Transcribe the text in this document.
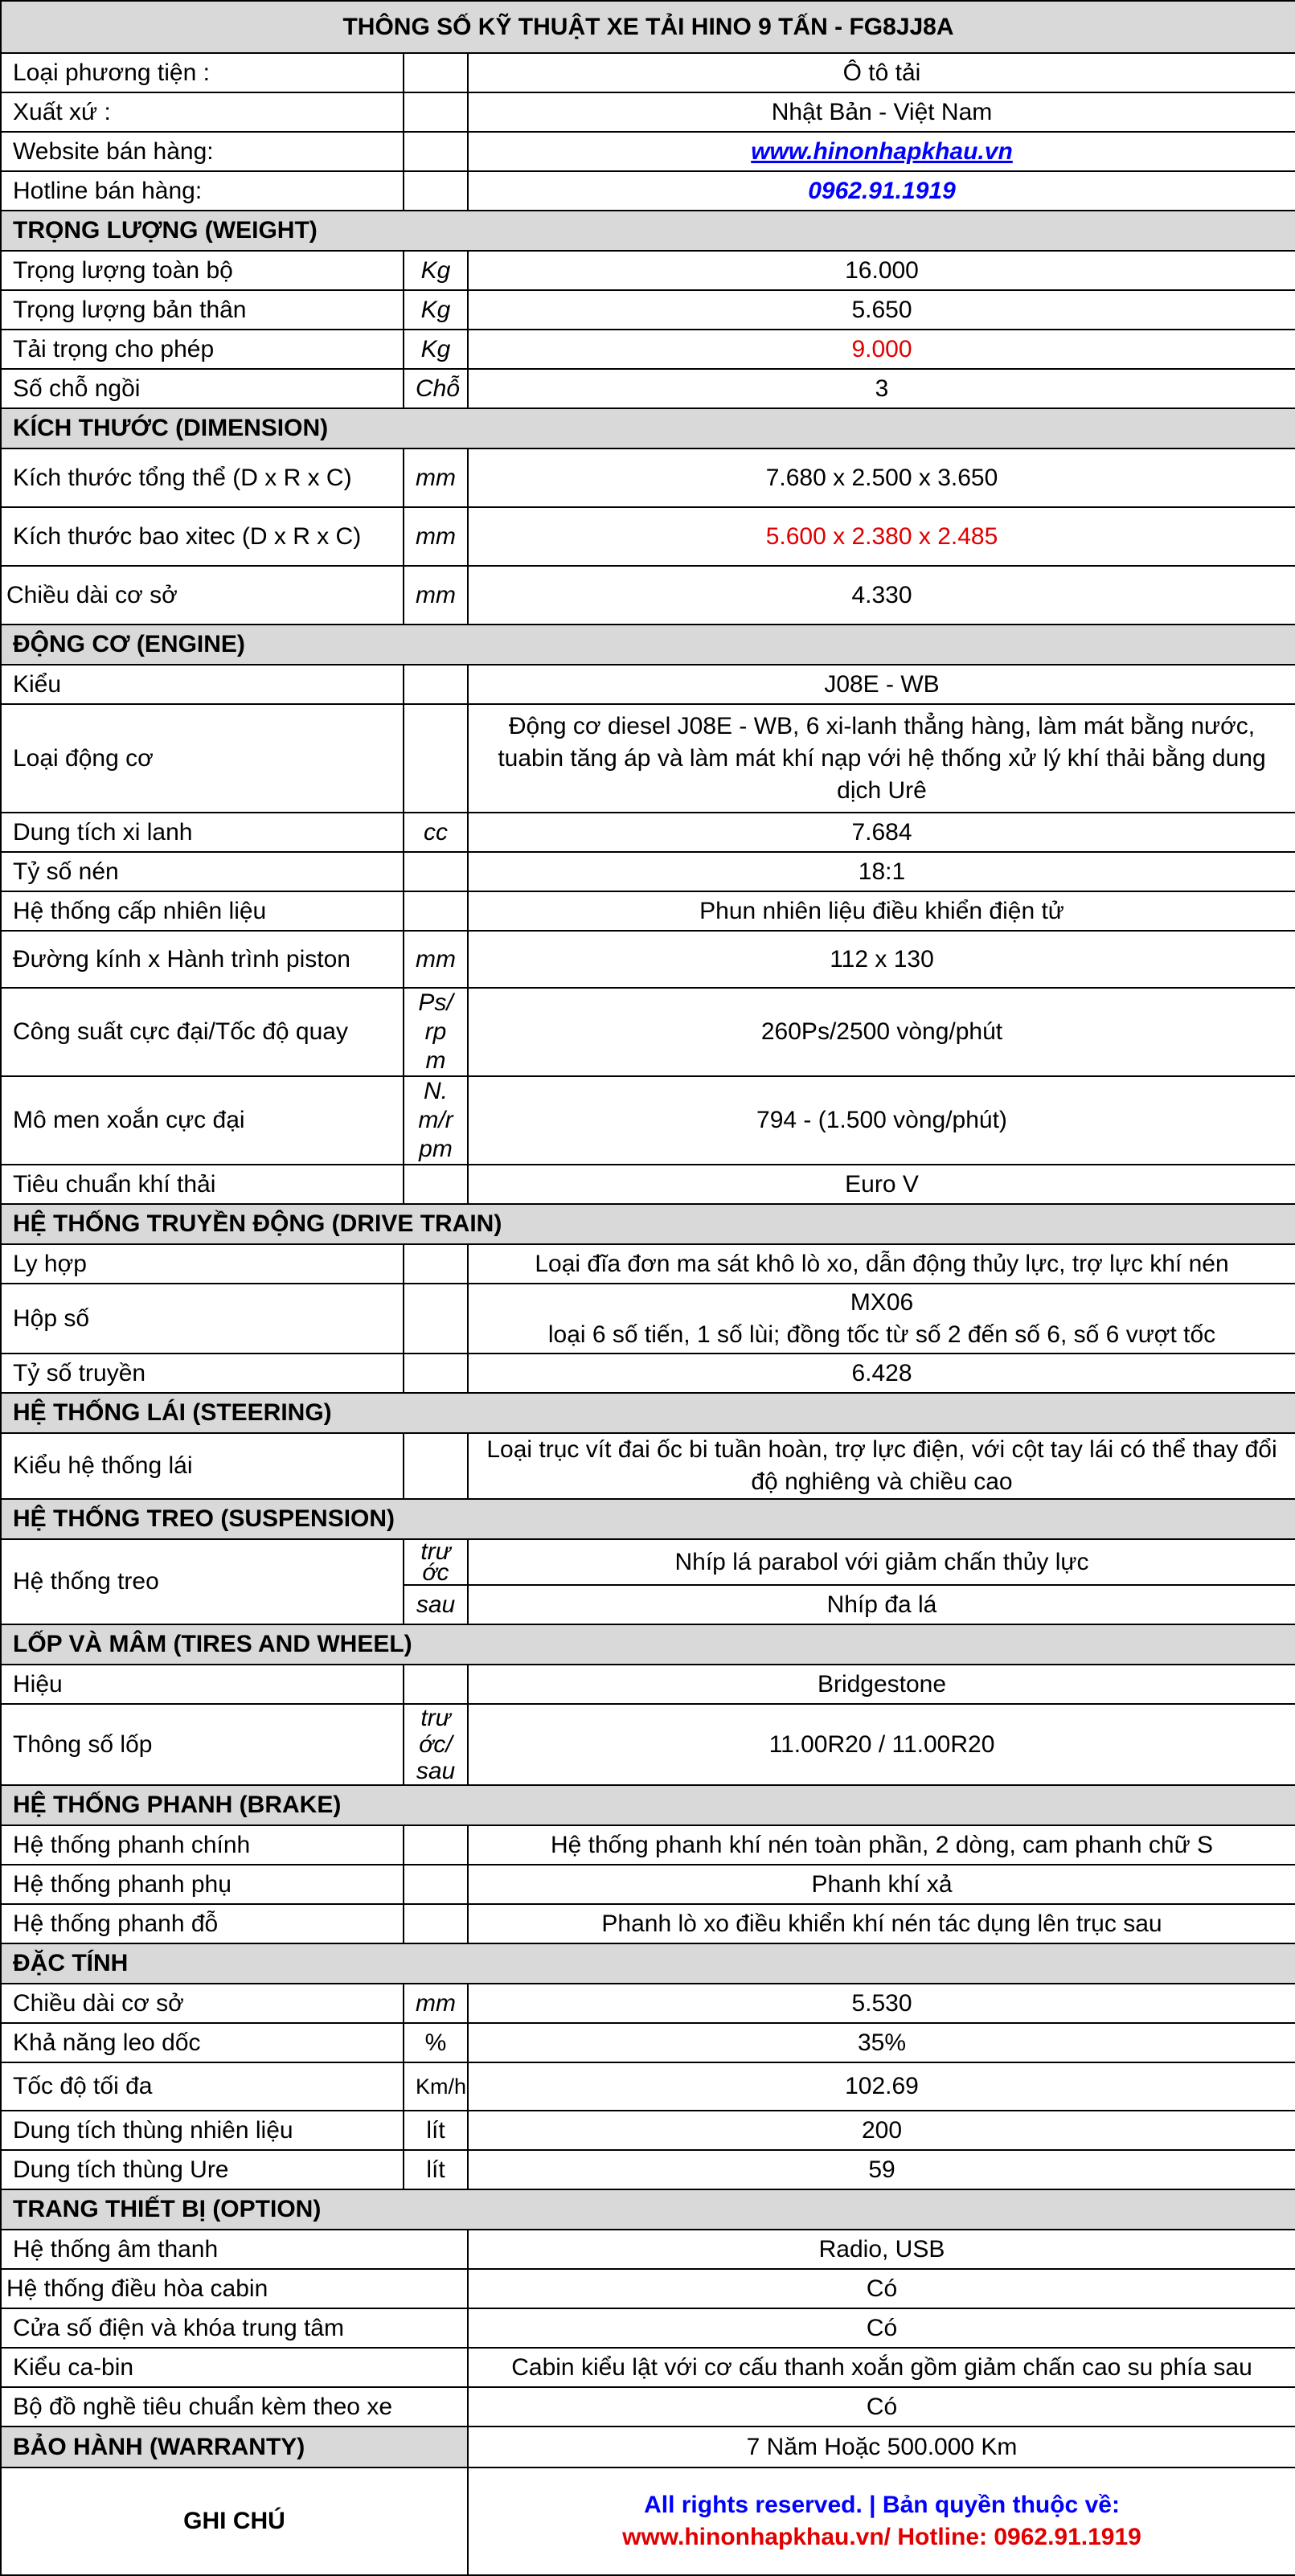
THÔNG SỐ KỸ THUẬT XE TẢI HINO 9 TẤN - FG8JJ8A		
Loại phương tiện :		Ô tô tải
Xuất xứ :		Nhật Bản - Việt Nam
Website bán hàng:		www.hinonhapkhau.vn
Hotline bán hàng:		0962.91.1919
TRỌNG LƯỢNG (WEIGHT)		
Trọng lượng toàn bộ	Kg	16.000
Trọng lượng bản thân	Kg	5.650
Tải trọng cho phép	Kg	9.000
Số chỗ ngồi	Chỗ	3
KÍCH THƯỚC (DIMENSION)		
Kích thước tổng thể (D x R x C)	mm	7.680 x 2.500 x 3.650
Kích thước bao xitec (D x R x C)	mm	5.600 x 2.380 x 2.485
Chiều dài cơ sở	mm	4.330
ĐỘNG CƠ (ENGINE)		
Kiểu		J08E - WB
Loại động cơ		Động cơ diesel J08E - WB, 6 xi-lanh thẳng hàng, làm mát bằng nước, tuabin tăng áp và làm mát khí nạp với hệ thống xử lý khí thải bằng dung dịch Urê
Dung tích xi lanh	cc	7.684
Tỷ số nén		18:1
Hệ thống cấp nhiên liệu		Phun nhiên liệu điều khiển điện tử
Đường kính x Hành trình piston	mm	112 x 130
Công suất cực đại/Tốc độ quay	Ps/rpm	260Ps/2500 vòng/phút
Mô men xoắn cực đại	N.m/rpm	794 - (1.500 vòng/phút)
Tiêu chuẩn khí thải		Euro V
HỆ THỐNG TRUYỀN ĐỘNG (DRIVE TRAIN)		
Ly hợp		Loại đĩa đơn ma sát khô lò xo, dẫn động thủy lực, trợ lực khí nén
Hộp số		MX06
loại 6 số tiến, 1 số lùi; đồng tốc từ số 2 đến số 6, số 6 vượt tốc

Tỷ số truyền		6.428
HỆ THỐNG LÁI (STEERING)		
Kiểu hệ thống lái		Loại trục vít đai ốc bi tuần hoàn, trợ lực điện, với cột tay lái có thể thay đổi độ nghiêng và chiều cao
HỆ THỐNG TREO (SUSPENSION)		
Hệ thống treo	trước	Nhíp lá parabol với giảm chấn thủy lực
	sau	Nhíp đa lá
LỐP VÀ MÂM (TIRES AND WHEEL)		
Hiệu		Bridgestone
Thông số lốp	trước/sau	11.00R20 / 11.00R20
HỆ THỐNG PHANH (BRAKE)		
Hệ thống phanh chính		Hệ thống phanh khí nén toàn phần, 2 dòng, cam phanh chữ S
Hệ thống phanh phụ		Phanh khí xả
Hệ thống phanh đỗ		Phanh lò xo điều khiển khí nén tác dụng lên trục sau
ĐẶC TÍNH		
Chiều dài cơ sở	mm	5.530
Khả năng leo dốc	%	35%
Tốc độ tối đa	Km/h	102.69
Dung tích thùng nhiên liệu	lít	200
Dung tích thùng Ure	lít	59
TRANG THIẾT BỊ (OPTION)		
Hệ thống âm thanh		Radio, USB
Hệ thống điều hòa cabin		Có
Cửa số điện và khóa trung tâm		Có
Kiểu ca-bin		Cabin kiểu lật với cơ cấu thanh xoắn gồm giảm chấn cao su phía sau
Bộ đồ nghề tiêu chuẩn kèm theo xe		Có
BẢO HÀNH (WARRANTY)		7 Năm Hoặc 500.000 Km
GHI CHÚ		All rights reserved. | Bản quyền thuộc về:
www.hinonhapkhau.vn/ Hotline: 0962.91.1919
